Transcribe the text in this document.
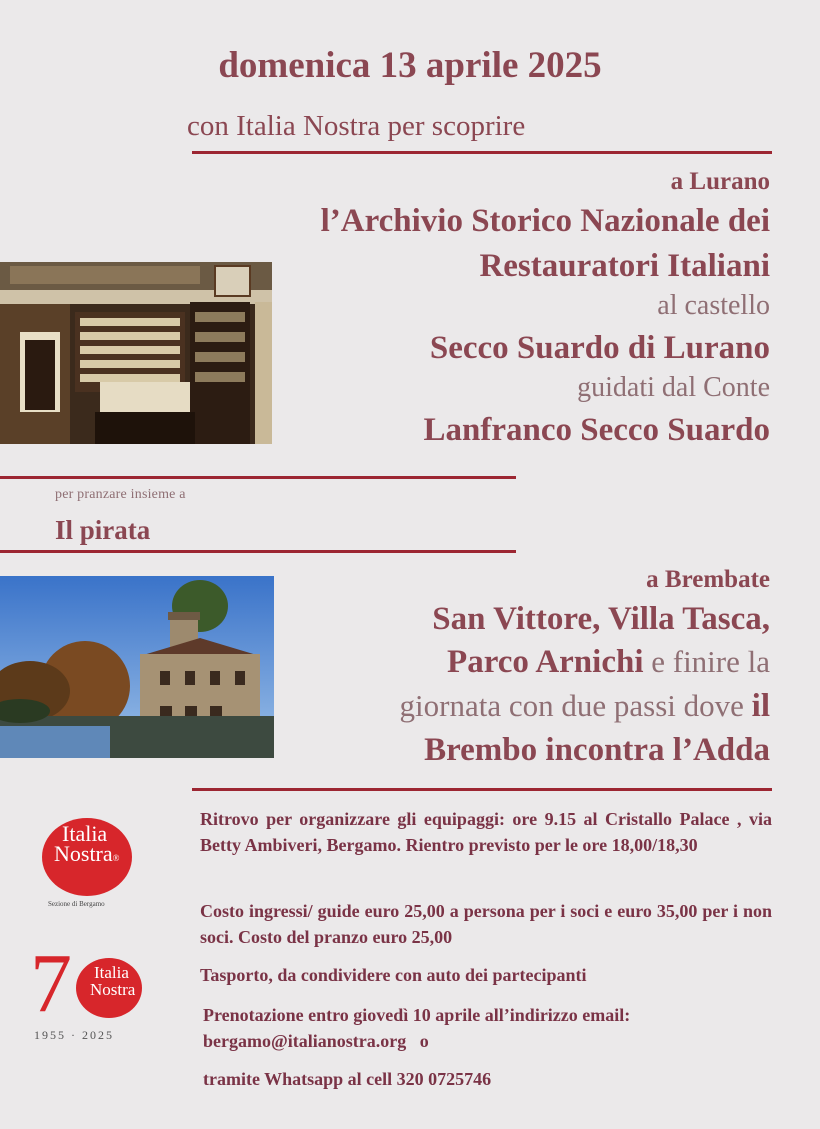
domenica 13 aprile 2025
con Italia Nostra per scoprire
a Lurano
l’Archivio Storico Nazionale dei
Restauratori Italiani
al castello
Secco Suardo di Lurano
guidati dal Conte
Lanfranco Secco Suardo
per pranzare insieme a
Il pirata
a Brembate
San Vittore, Villa Tasca,
Parco Arnichi e finire la
giornata con due passi dove il
Brembo incontra l’Adda
Ritrovo per organizzare gli equipaggi: ore 9.15 al Cristallo Palace , via Betty Ambiveri, Bergamo. Rientro previsto per le ore 18,00/18,30
Costo ingressi/ guide euro 25,00 a persona per i soci e euro 35,00 per i non soci. Costo del pranzo euro 25,00
Tasporto, da condividere con auto dei partecipanti
Prenotazione entro giovedì 10 aprile all’indirizzo email:
bergamo@italianostra.org o
tramite Whatsapp al cell 320 0725746
Italia
Nostra®
Sezione di Bergamo
7 Italia
Nostra
1955 · 2025
